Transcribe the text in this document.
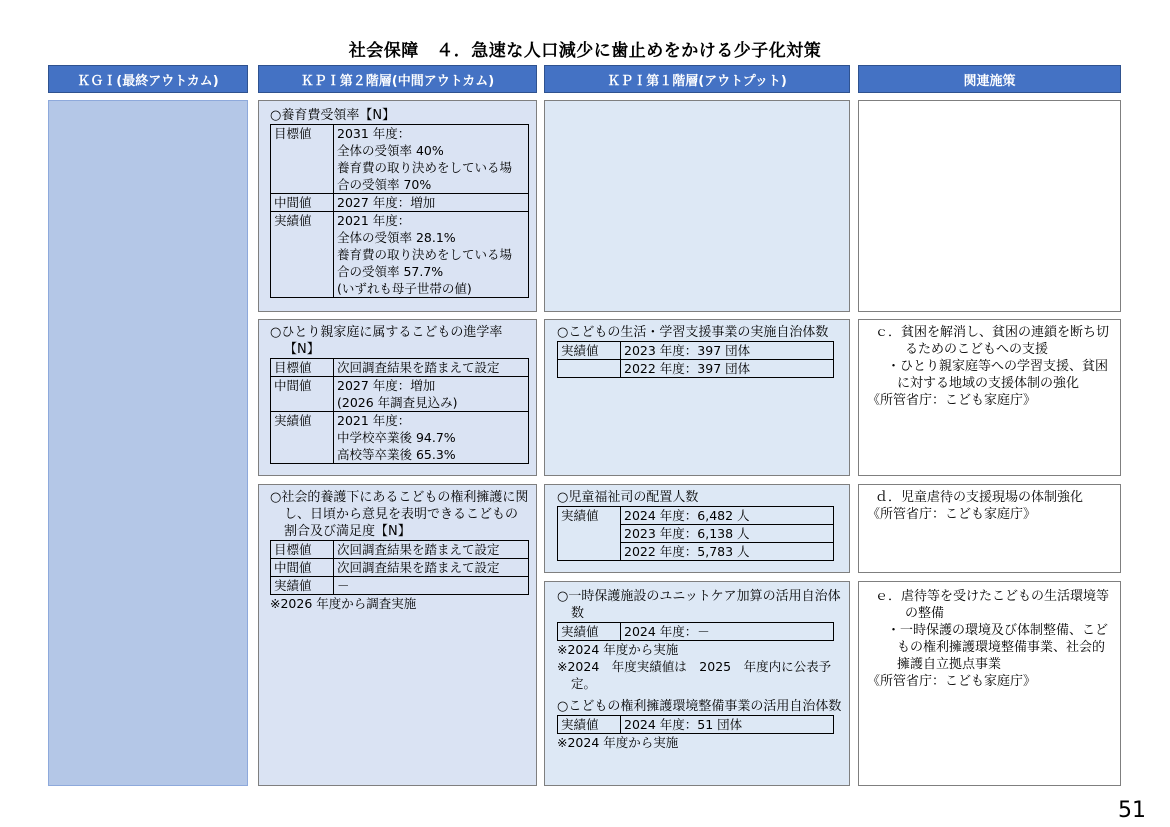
社会保障　４．急速な人口減少に歯止めをかける少子化対策
ＫＧＩ(最終アウトカム)	ＫＰＩ第２階層(中間アウトカム)	ＫＰＩ第１階層(アウトプット)	関連施策
○養育費受領率【N】
目標値	2031 年度：
全体の受領率 40%
養育費の取り決めをしている場
合の受領率 70%
中間値	2027 年度：増加
実績値	2021 年度：
全体の受領率 28.1%
養育費の取り決めをしている場
合の受領率 57.7%
(いずれも母子世帯の値)
○ひとり親家庭に属するこどもの進学率【N】
目標値	次回調査結果を踏まえて設定
中間値	2027 年度：増加
(2026 年調査見込み)
実績値	2021 年度：
中学校卒業後 94.7%
高校等卒業後 65.3%
○社会的養護下にあるこどもの権利擁護に関し、日頃から意見を表明できるこどもの割合及び満足度【N】
目標値	次回調査結果を踏まえて設定
中間値	次回調査結果を踏まえて設定
実績値	－
※2026 年度から調査実施
○こどもの生活・学習支援事業の実施自治体数
実績値	2023 年度：397 団体
	2022 年度：397 団体
○児童福祉司の配置人数
実績値	2024 年度：6,482 人
	2023 年度：6,138 人
	2022 年度：5,783 人
○一時保護施設のユニットケア加算の活用自治体数
実績値	2024 年度：－
※2024 年度から実施
※2024　年度実績値は　2025　年度内に公表予定。
○こどもの権利擁護環境整備事業の活用自治体数
実績値	2024 年度：51 団体
※2024 年度から実施
ｃ．貧困を解消し、貧困の連鎖を断ち切るためのこどもへの支援
・ひとり親家庭等への学習支援、貧困に対する地域の支援体制の強化
《所管省庁：こども家庭庁》
ｄ．児童虐待の支援現場の体制強化
《所管省庁：こども家庭庁》
ｅ．虐待等を受けたこどもの生活環境等の整備
・一時保護の環境及び体制整備、こどもの権利擁護環境整備事業、社会的擁護自立拠点事業
《所管省庁：こども家庭庁》
51
